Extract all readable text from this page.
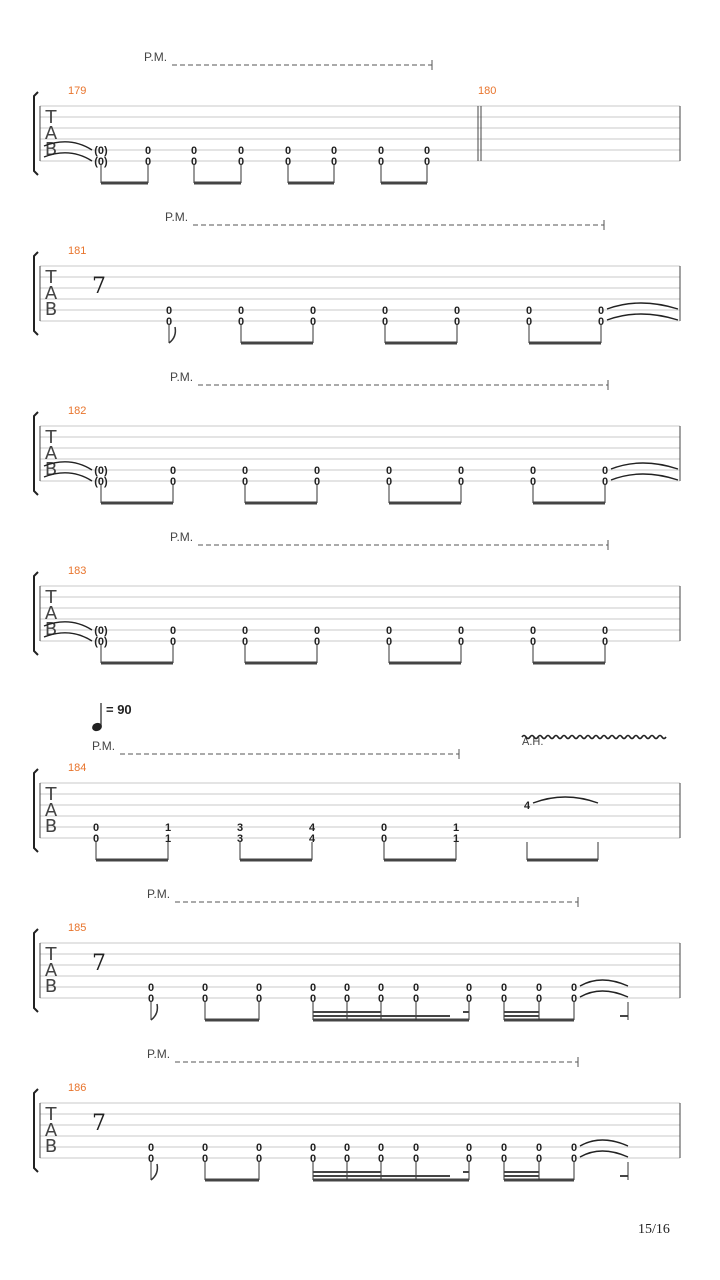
T
A
B
179	180
P.M.
(0)
(0)
0
0
0
0
0
0
0
0
0
0
0
0
0
0
T
A
B
181
P.M.
7
0
0
0
0
0
0
0
0
0
0
0
0
0
0
T
A
B
182
P.M.
(0)
(0)
0
0
0
0
0
0
0
0
0
0
0
0
0
0
T
A
B
183
P.M.
(0)
(0)
0
0
0
0
0
0
0
0
0
0
0
0
0
0
T
A
B
184
P.M.
= 90
A.H.
0
0
1
1
3
3
4
4
0
0
1
1
4
T
A
B
185
P.M.
7
0
0
0
0
0
0
0
0
0
0
0
0
0
0
0
0
0
0
0
0
0
0
T
A
B
186
P.M.
7
0
0
0
0
0
0
0
0
0
0
0
0
0
0
0
0
0
0
0
0
0
0
15/16
